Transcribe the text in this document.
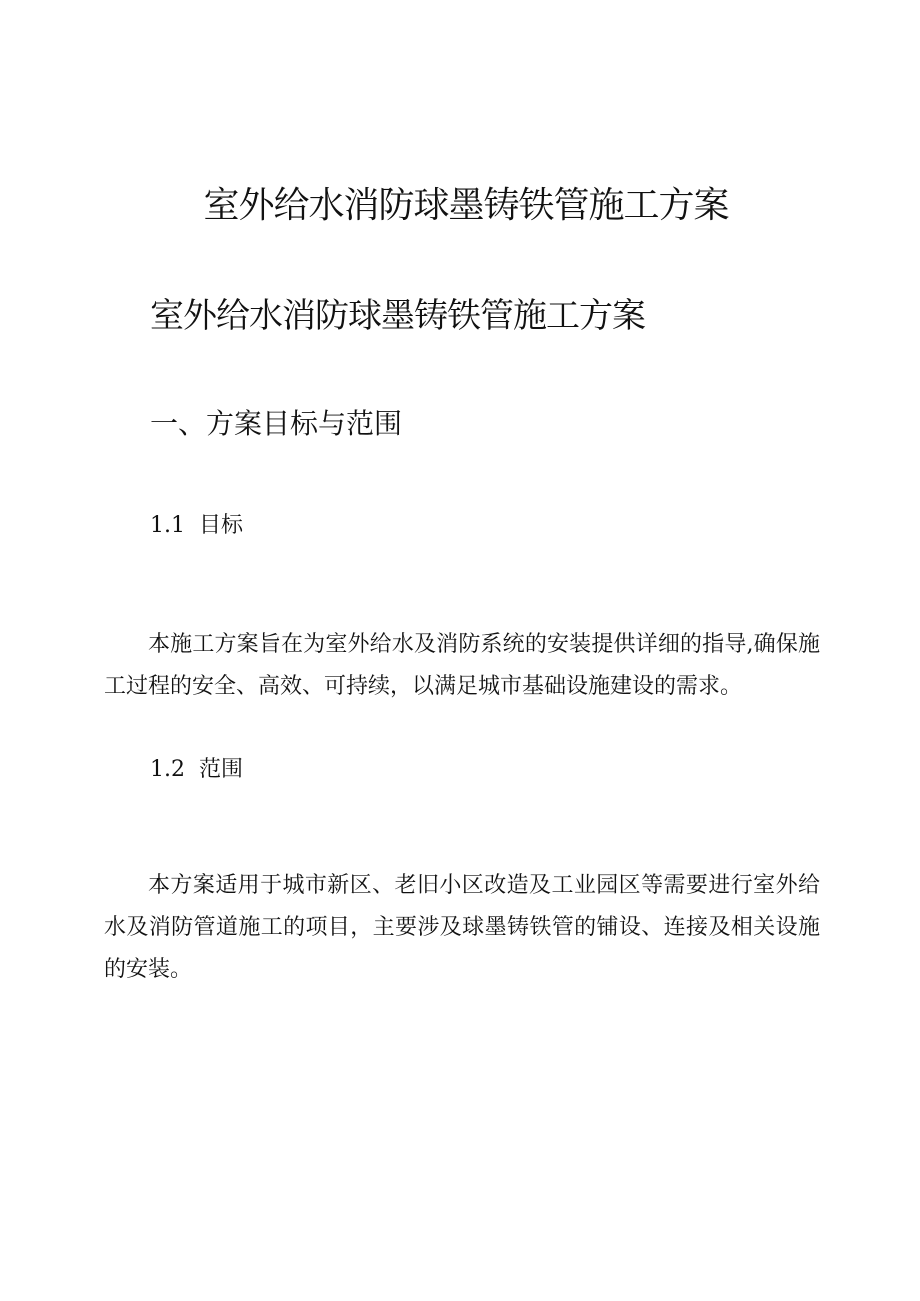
室外给水消防球墨铸铁管施工方案
室外给水消防球墨铸铁管施工方案
一、方案目标与范围
1.1 目标

本施工方案旨在为室外给水及消防系统的安装提供详细的指导,确保施工过程的安全、高效、可持续，以满足城市基础设施建设的需求。

1.2 范围

本方案适用于城市新区、老旧小区改造及工业园区等需要进行室外给水及消防管道施工的项目，主要涉及球墨铸铁管的铺设、连接及相关设施的安装。
